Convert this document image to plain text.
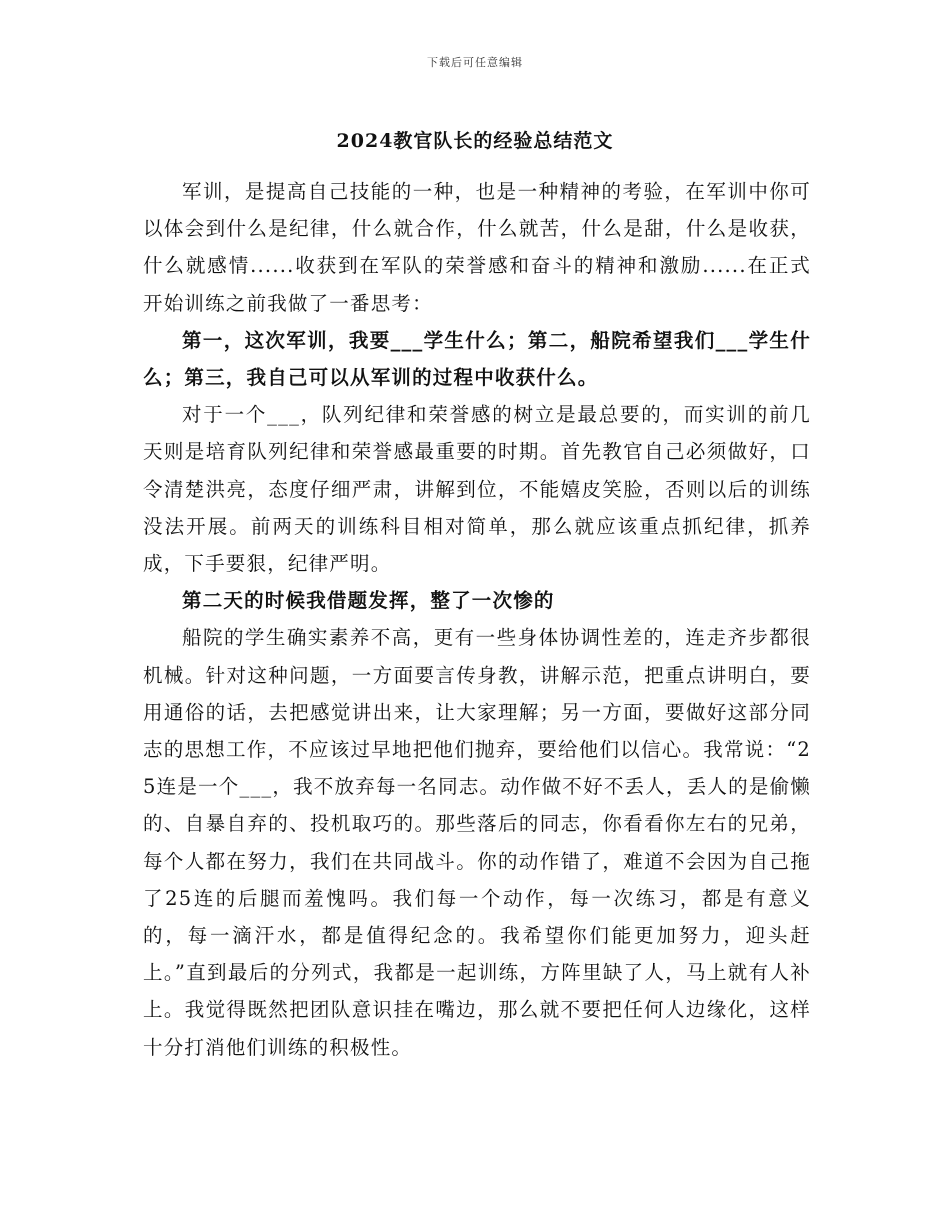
下载后可任意编辑
2024教官队长的经验总结范文

军训，是提高自己技能的一种，也是一种精神的考验，在军训中你可以体会到什么是纪律，什么就合作，什么就苦，什么是甜，什么是收获，什么就感情......收获到在军队的荣誉感和奋斗的精神和激励......在正式开始训练之前我做了一番思考：

第一，这次军训，我要___学生什么；第二，船院希望我们___学生什么；第三，我自己可以从军训的过程中收获什么。

对于一个___，队列纪律和荣誉感的树立是最总要的，而实训的前几天则是培育队列纪律和荣誉感最重要的时期。首先教官自己必须做好，口令清楚洪亮，态度仔细严肃，讲解到位，不能嬉皮笑脸，否则以后的训练没法开展。前两天的训练科目相对简单，那么就应该重点抓纪律，抓养成，下手要狠，纪律严明。

第二天的时候我借题发挥，整了一次惨的

船院的学生确实素养不高，更有一些身体协调性差的，连走齐步都很机械。针对这种问题，一方面要言传身教，讲解示范，把重点讲明白，要用通俗的话，去把感觉讲出来，让大家理解；另一方面，要做好这部分同志的思想工作，不应该过早地把他们抛弃，要给他们以信心。我常说：“25连是一个___，我不放弃每一名同志。动作做不好不丢人，丢人的是偷懒的、自暴自弃的、投机取巧的。那些落后的同志，你看看你左右的兄弟，每个人都在努力，我们在共同战斗。你的动作错了，难道不会因为自己拖了25连的后腿而羞愧吗。我们每一个动作，每一次练习，都是有意义的，每一滴汗水，都是值得纪念的。我希望你们能更加努力，迎头赶上。”直到最后的分列式，我都是一起训练，方阵里缺了人，马上就有人补上。我觉得既然把团队意识挂在嘴边，那么就不要把任何人边缘化，这样十分打消他们训练的积极性。
